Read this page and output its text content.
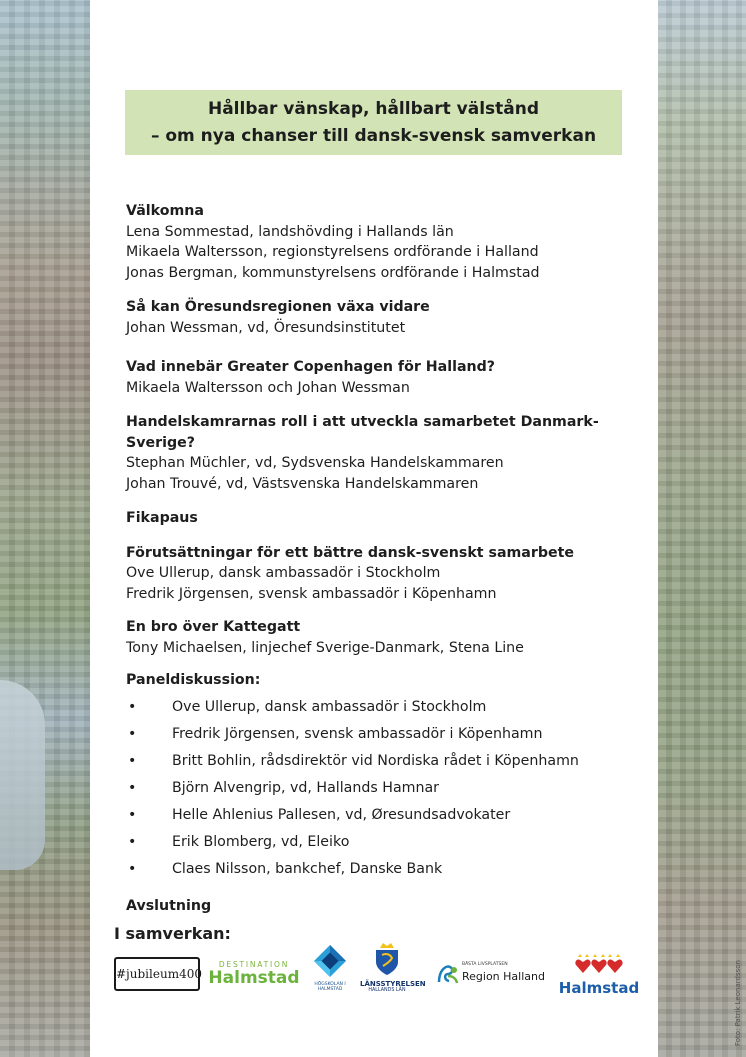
Foto: Patrik Leonardsson
Hållbar vänskap, hållbart välstånd
– om nya chanser till dansk-svensk samverkan
Välkomna
Lena Sommestad, landshövding i Hallands län
Mikaela Waltersson, regionstyrelsens ordförande i Halland
Jonas Bergman, kommunstyrelsens ordförande i Halmstad
Så kan Öresundsregionen växa vidare
Johan Wessman, vd, Öresundsinstitutet
Vad innebär Greater Copenhagen för Halland?
Mikaela Waltersson och Johan Wessman
Handelskamrarnas roll i att utveckla samarbetet Danmark-Sverige?
Stephan Müchler, vd, Sydsvenska Handelskammaren
Johan Trouvé, vd, Västsvenska Handelskammaren
Fikapaus
Förutsättningar för ett bättre dansk-svenskt samarbete
Ove Ullerup, dansk ambassadör i Stockholm
Fredrik Jörgensen, svensk ambassadör i Köpenhamn
En bro över Kattegatt
Tony Michaelsen, linjechef Sverige-Danmark, Stena Line
Paneldiskussion:
•	Ove Ullerup, dansk ambassadör i Stockholm
•	Fredrik Jörgensen, svensk ambassadör i Köpenhamn
•	Britt Bohlin, rådsdirektör vid Nordiska rådet i Köpenhamn
•	Björn Alvengrip, vd, Hallands Hamnar
•	Helle Ahlenius Pallesen, vd, Øresundsadvokater
•	Erik Blomberg, vd, Eleiko
•	Claes Nilsson, bankchef, Danske Bank
Avslutning
I samverkan:
#jubileum400
DESTINATION
Halmstad	HÖGSKOLAN I HALMSTAD
LÄNSSTYRELSEN
HALLANDS LÄN
BÄSTA LIVSPLATSEN
Region Halland
Halmstad
